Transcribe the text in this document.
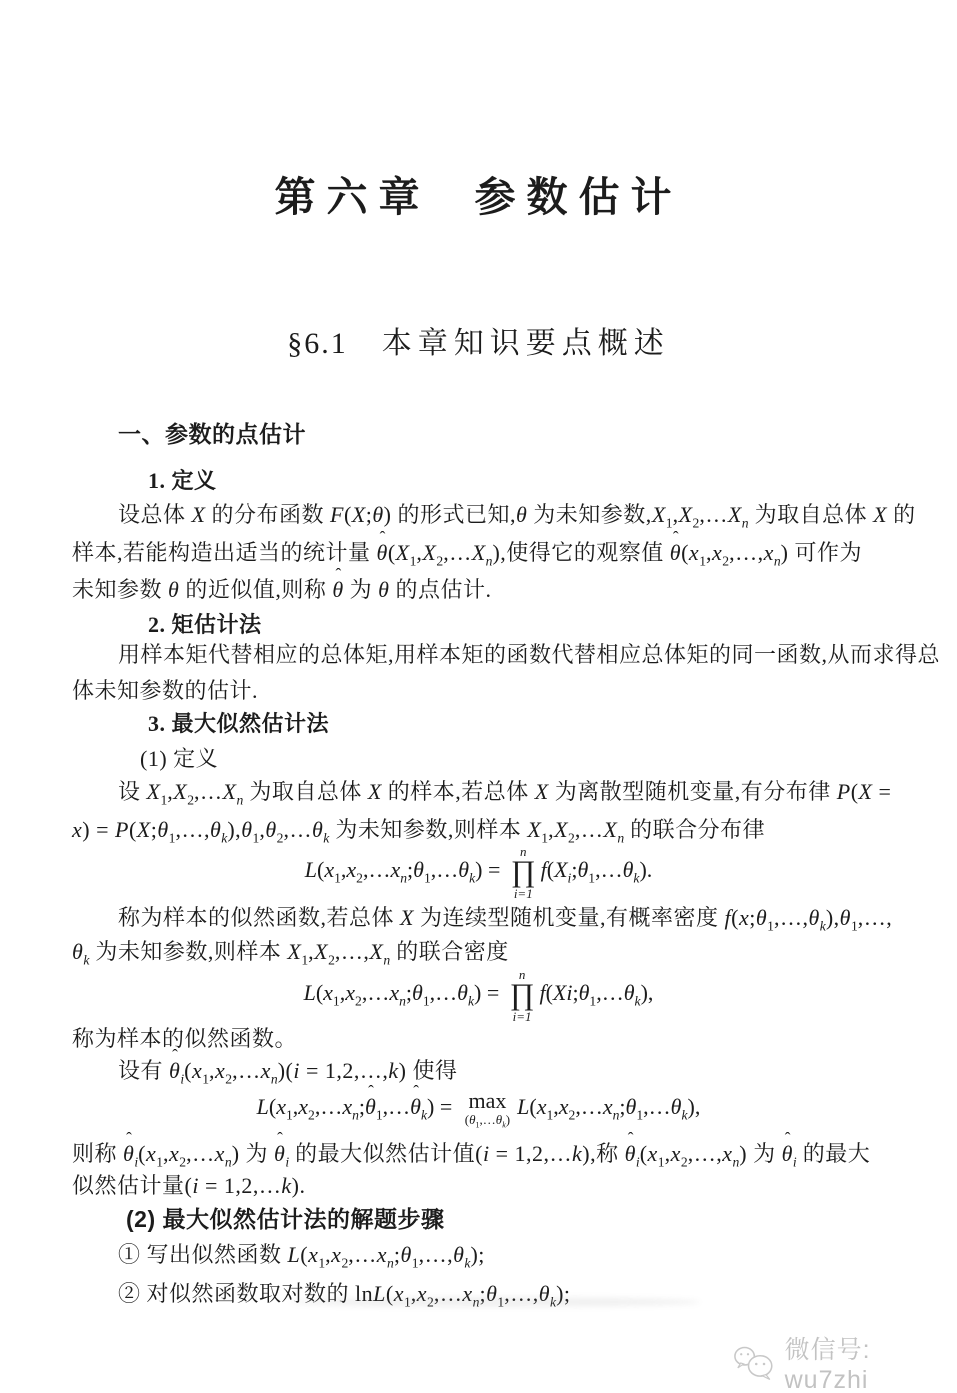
第六章 参数估计
§6.1 本章知识要点概述
一、参数的点估计
1. 定义
设总体 X 的分布函数 F(X;θ) 的形式已知,θ 为未知参数$,X_1,X_2,\dots X_n$ 为取自总体 X 的
样本,若能构造出适当的统计量 θ $ˆ(X_1,X_2,\dots X_n)$,使得它的观察值 θ $ˆ(x_1,x_2,\dots,x_n)$ 可作为
未知参数 θ 的近似值,则称 θ ˆ 为 θ 的点估计.
2. 矩估计法
用样本矩代替相应的总体矩,用样本矩的函数代替相应总体矩的同一函数,从而求得总
体未知参数的估计.
3. 最大似然估计法
(1) 定义
设 $X_1,X_2,\dots X_n$ 为取自总体 X 的样本,若总体 X 为离散型随机变量,有分布律 P(X =
$x) = P(X;\theta_1,\dots,\theta_k),\theta_1,\theta_2,\dots\theta_k$ 为未知参数,则样本 $X_1,X_2,\dots X_n$ 的联合分布律
$L(x_1,x_2,\dots x_n;\theta_1,\dots\theta_k)$ =
n
∏
i=1
$f(X_i;\theta_1,\dots\theta_k)$.
称为样本的似然函数,若总体 X 为连续型随机变量,有概率密度 $f(x;\theta_1,\dots,\theta_k),\theta_1,\dots$,
$\theta_k$ 为未知参数,则样本 $X_1,X_2,\dots,X_n$ 的联合密度
$L(x_1,x_2,\dots x_n;\theta_1,\dots\theta_k)$ =
n
∏
i=1
$f(Xi;\theta_1,\dots\theta_k)$,
称为样本的似然函数。
设有 θ $ˆ_i(x_1,x_2,\dots x_n)(i$ = 1,2,…,k) 使得
$L(x_1,x_2,\dots x_n;\theta$ ˆ$_1$,…θ ˆ$_k$) = max
$(\theta_1,\dots\theta_k)$
$L(x_1,x_2,\dots x_n;\theta_1,\dots\theta_k)$,
则称 θ $ˆ_i(x_1,x_2,\dots x_n)$ 为 θ ˆ$_i$ 的最大似然估计值(i = 1,2,…k),称 θ $ˆ_i(x_1,x_2,\dots,x_n)$ 为 θ ˆ$_i$ 的最大
似然估计量(i = 1,2,…k).
(2) 最大似然估计法的解题步骤
① 写出似然函数 $L(x_1,x_2,\dots x_n;\theta_1,\dots,\theta_k)$;
② 对似然函数取对数的 $\ln L(x_1,x_2,\dots x_n;\theta_1,\dots,\theta_k)$;
微信号: wu7zhi
